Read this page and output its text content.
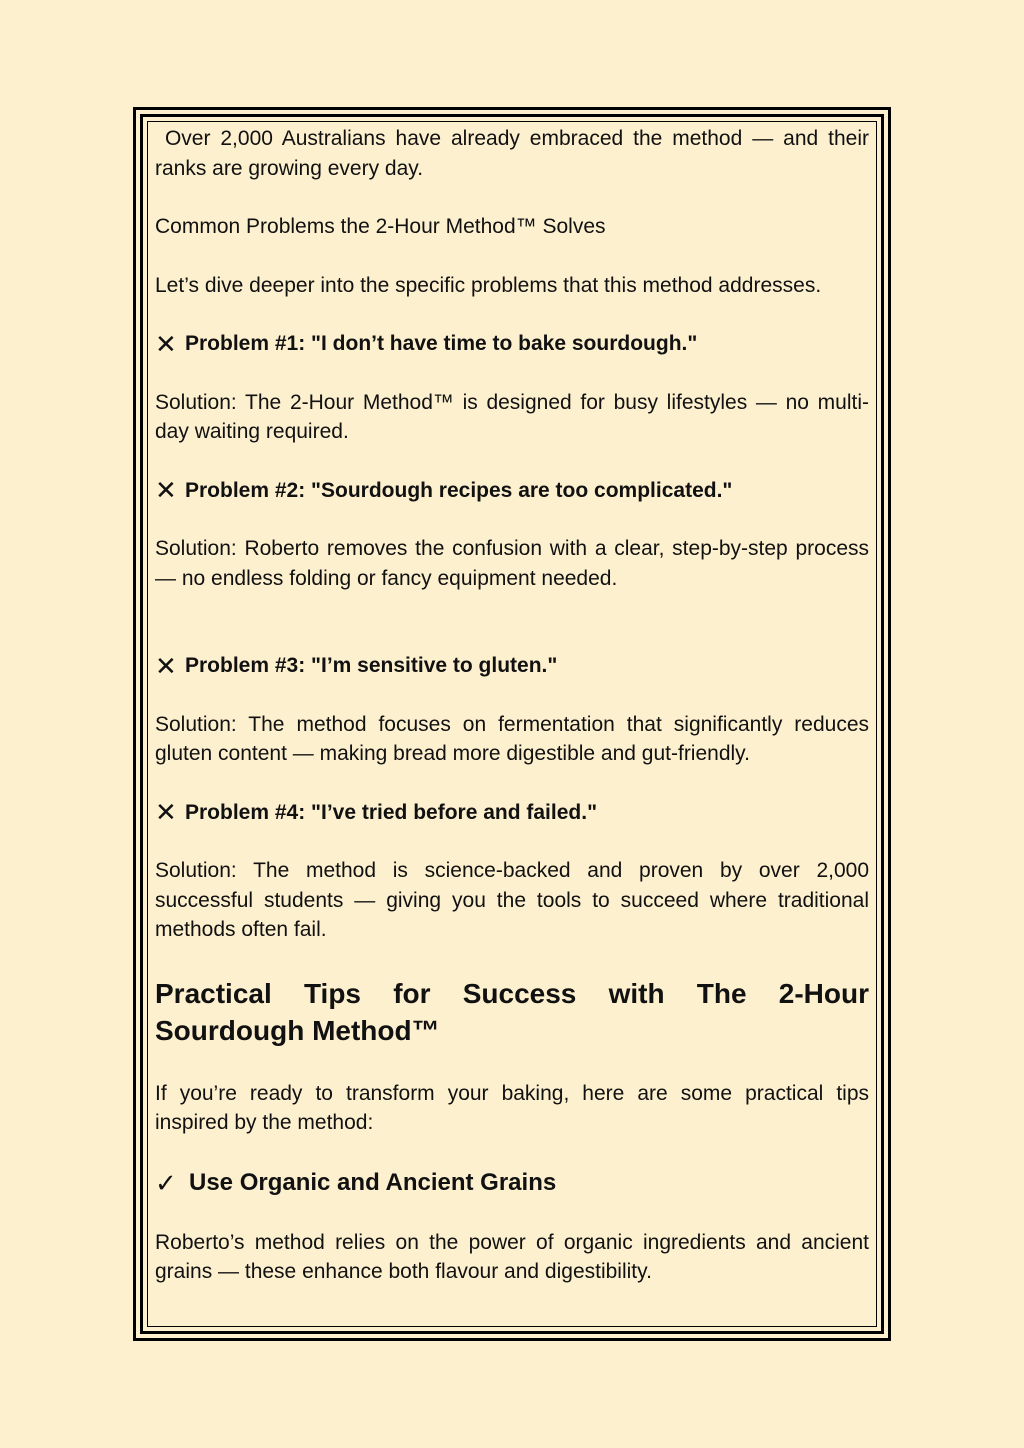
Over 2,000 Australians have already embraced the method — and their ranks are growing every day.

Common Problems the 2-Hour Method™ Solves

Let’s dive deeper into the specific problems that this method addresses.

✕ Problem #1: "I don’t have time to bake sourdough."

Solution: The 2-Hour Method™ is designed for busy lifestyles — no multi-day waiting required.

✕ Problem #2: "Sourdough recipes are too complicated."

Solution: Roberto removes the confusion with a clear, step-by-step process — no endless folding or fancy equipment needed.

✕ Problem #3: "I’m sensitive to gluten."

Solution: The method focuses on fermentation that significantly reduces gluten content — making bread more digestible and gut-friendly.

✕ Problem #4: "I’ve tried before and failed."

Solution: The method is science-backed and proven by over 2,000 successful students — giving you the tools to succeed where traditional methods often fail.

Practical Tips for Success with The 2-Hour Sourdough Method™

If you’re ready to transform your baking, here are some practical tips inspired by the method:

✓ Use Organic and Ancient Grains

Roberto’s method relies on the power of organic ingredients and ancient grains — these enhance both flavour and digestibility.
